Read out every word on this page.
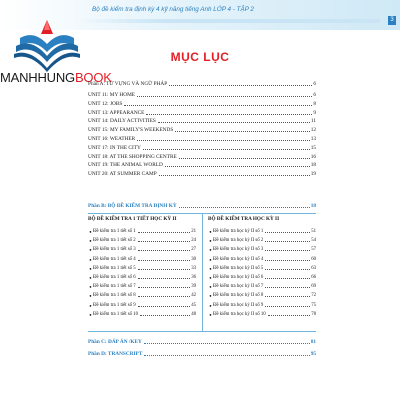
Bộ đề kiểm tra định kỳ 4 kỹ năng tiếng Anh LỚP 4 - TẬP 2
3
MANHHUNGBOOK
MỤC LỤC
Phần A: TỪ VỰNG VÀ NGỮ PHÁP	6
UNIT 11: MY HOME	6
UNIT 12: JOBS	8
UNIT 13: APPEARANCE	9
UNIT 14: DAILY ACTIVITIES	11
UNIT 15: MY FAMILY'S WEEKENDS	12
UNIT 16: WEATHER	13
UNIT 17: IN THE CITY	15
UNIT 18: AT THE SHOPPING CENTRE	16
UNIT 19: THE ANIMAL WORLD	18
UNIT 20: AT SUMMER CAMP	19
Phần B: BỘ ĐỀ KIỂM TRA ĐỊNH KỲ	18
BỘ ĐỀ KIỂM TRA 1 TIẾT HỌC KỲ II	BỘ ĐỀ KIỂM TRA HỌC KỲ II
● Đề kiểm tra 1 tiết số 1	21
● Đề kiểm tra 1 tiết số 2	24
● Đề kiểm tra 1 tiết số 3	27
● Đề kiểm tra 1 tiết số 4	30
● Đề kiểm tra 1 tiết số 5	33
● Đề kiểm tra 1 tiết số 6	36
● Đề kiểm tra 1 tiết số 7	39
● Đề kiểm tra 1 tiết số 8	42
● Đề kiểm tra 1 tiết số 9	45
● Đề kiểm tra 1 tiết số 10	48
● Đề kiểm tra học kỳ II số 1	51
● Đề kiểm tra học kỳ II số 2	54
● Đề kiểm tra học kỳ II số 3	57
● Đề kiểm tra học kỳ II số 4	60
● Đề kiểm tra học kỳ II số 5	63
● Đề kiểm tra học kỳ II số 6	66
● Đề kiểm tra học kỳ II số 7	69
● Đề kiểm tra học kỳ II số 8	72
● Đề kiểm tra học kỳ II số 9	75
● Đề kiểm tra học kỳ II số 10	78
Phần C: ĐÁP ÁN /KEY	81
Phần D: TRANSCRIPT	95
